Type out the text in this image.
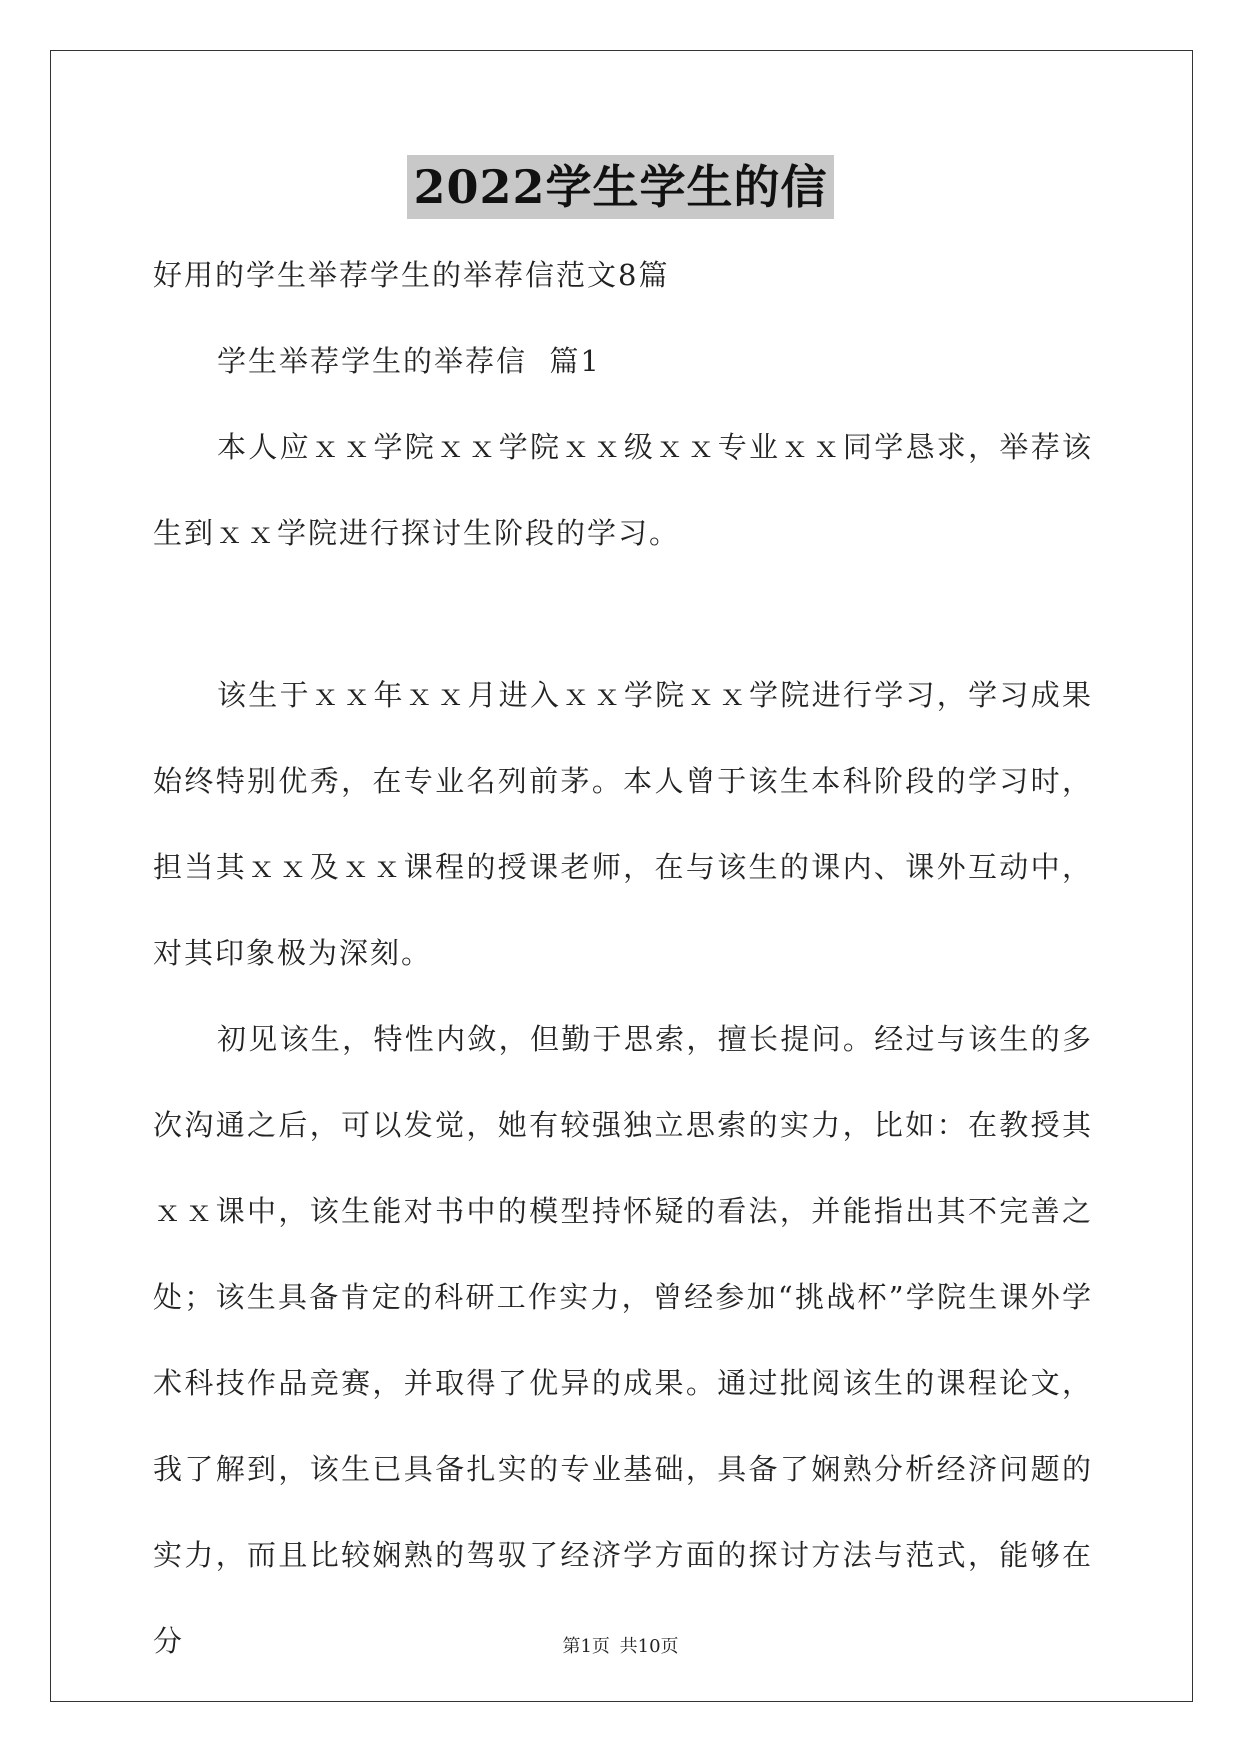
2022学生学生的信

好用的学生举荐学生的举荐信范文8篇

学生举荐学生的举荐信  篇1

本人应ｘｘ学院ｘｘ学院ｘｘ级ｘｘ专业ｘｘ同学恳求，举荐该生到ｘｘ学院进行探讨生阶段的学习。

该生于ｘｘ年ｘｘ月进入ｘｘ学院ｘｘ学院进行学习，学习成果始终特别优秀，在专业名列前茅。本人曾于该生本科阶段的学习时，担当其ｘｘ及ｘｘ课程的授课老师，在与该生的课内、课外互动中，对其印象极为深刻。

初见该生，特性内敛，但勤于思索，擅长提问。经过与该生的多次沟通之后，可以发觉，她有较强独立思索的实力，比如：在教授其ｘｘ课中，该生能对书中的模型持怀疑的看法，并能指出其不完善之处；该生具备肯定的科研工作实力，曾经参加“挑战杯”学院生课外学术科技作品竞赛，并取得了优异的成果。通过批阅该生的课程论文，我了解到，该生已具备扎实的专业基础，具备了娴熟分析经济问题的实力，而且比较娴熟的驾驭了经济学方面的探讨方法与范式，能够在分	第1页 共10页
